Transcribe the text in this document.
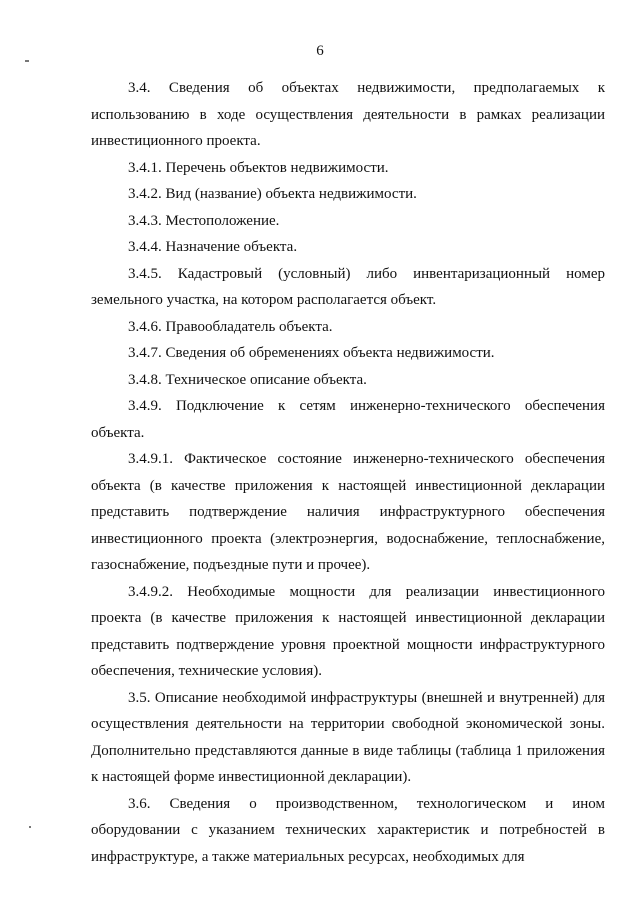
6

3.4. Сведения об объектах недвижимости, предполагаемых к использованию в ходе осуществления деятельности в рамках реализации инвестиционного проекта.

3.4.1. Перечень объектов недвижимости.

3.4.2. Вид (название) объекта недвижимости.

3.4.3. Местоположение.

3.4.4. Назначение объекта.

3.4.5. Кадастровый (условный) либо инвентаризационный номер земельного участка, на котором располагается объект.

3.4.6. Правообладатель объекта.

3.4.7. Сведения об обременениях объекта недвижимости.

3.4.8. Техническое описание объекта.

3.4.9. Подключение к сетям инженерно-технического обеспечения объекта.

3.4.9.1. Фактическое состояние инженерно-технического обеспечения объекта (в качестве приложения к настоящей инвестиционной декларации представить подтверждение наличия инфраструктурного обеспечения инвестиционного проекта (электроэнергия, водоснабжение, теплоснабжение, газоснабжение, подъездные пути и прочее).

3.4.9.2. Необходимые мощности для реализации инвестиционного проекта (в качестве приложения к настоящей инвестиционной декларации представить подтверждение уровня проектной мощности инфраструктурного обеспечения, технические условия).

3.5. Описание необходимой инфраструктуры (внешней и внутренней) для осуществления деятельности на территории свободной экономической зоны. Дополнительно представляются данные в виде таблицы (таблица 1 приложения к настоящей форме инвестиционной декларации).

3.6. Сведения о производственном, технологическом и ином оборудовании с указанием технических характеристик и потребностей в инфраструктуре, а также материальных ресурсах, необходимых для
